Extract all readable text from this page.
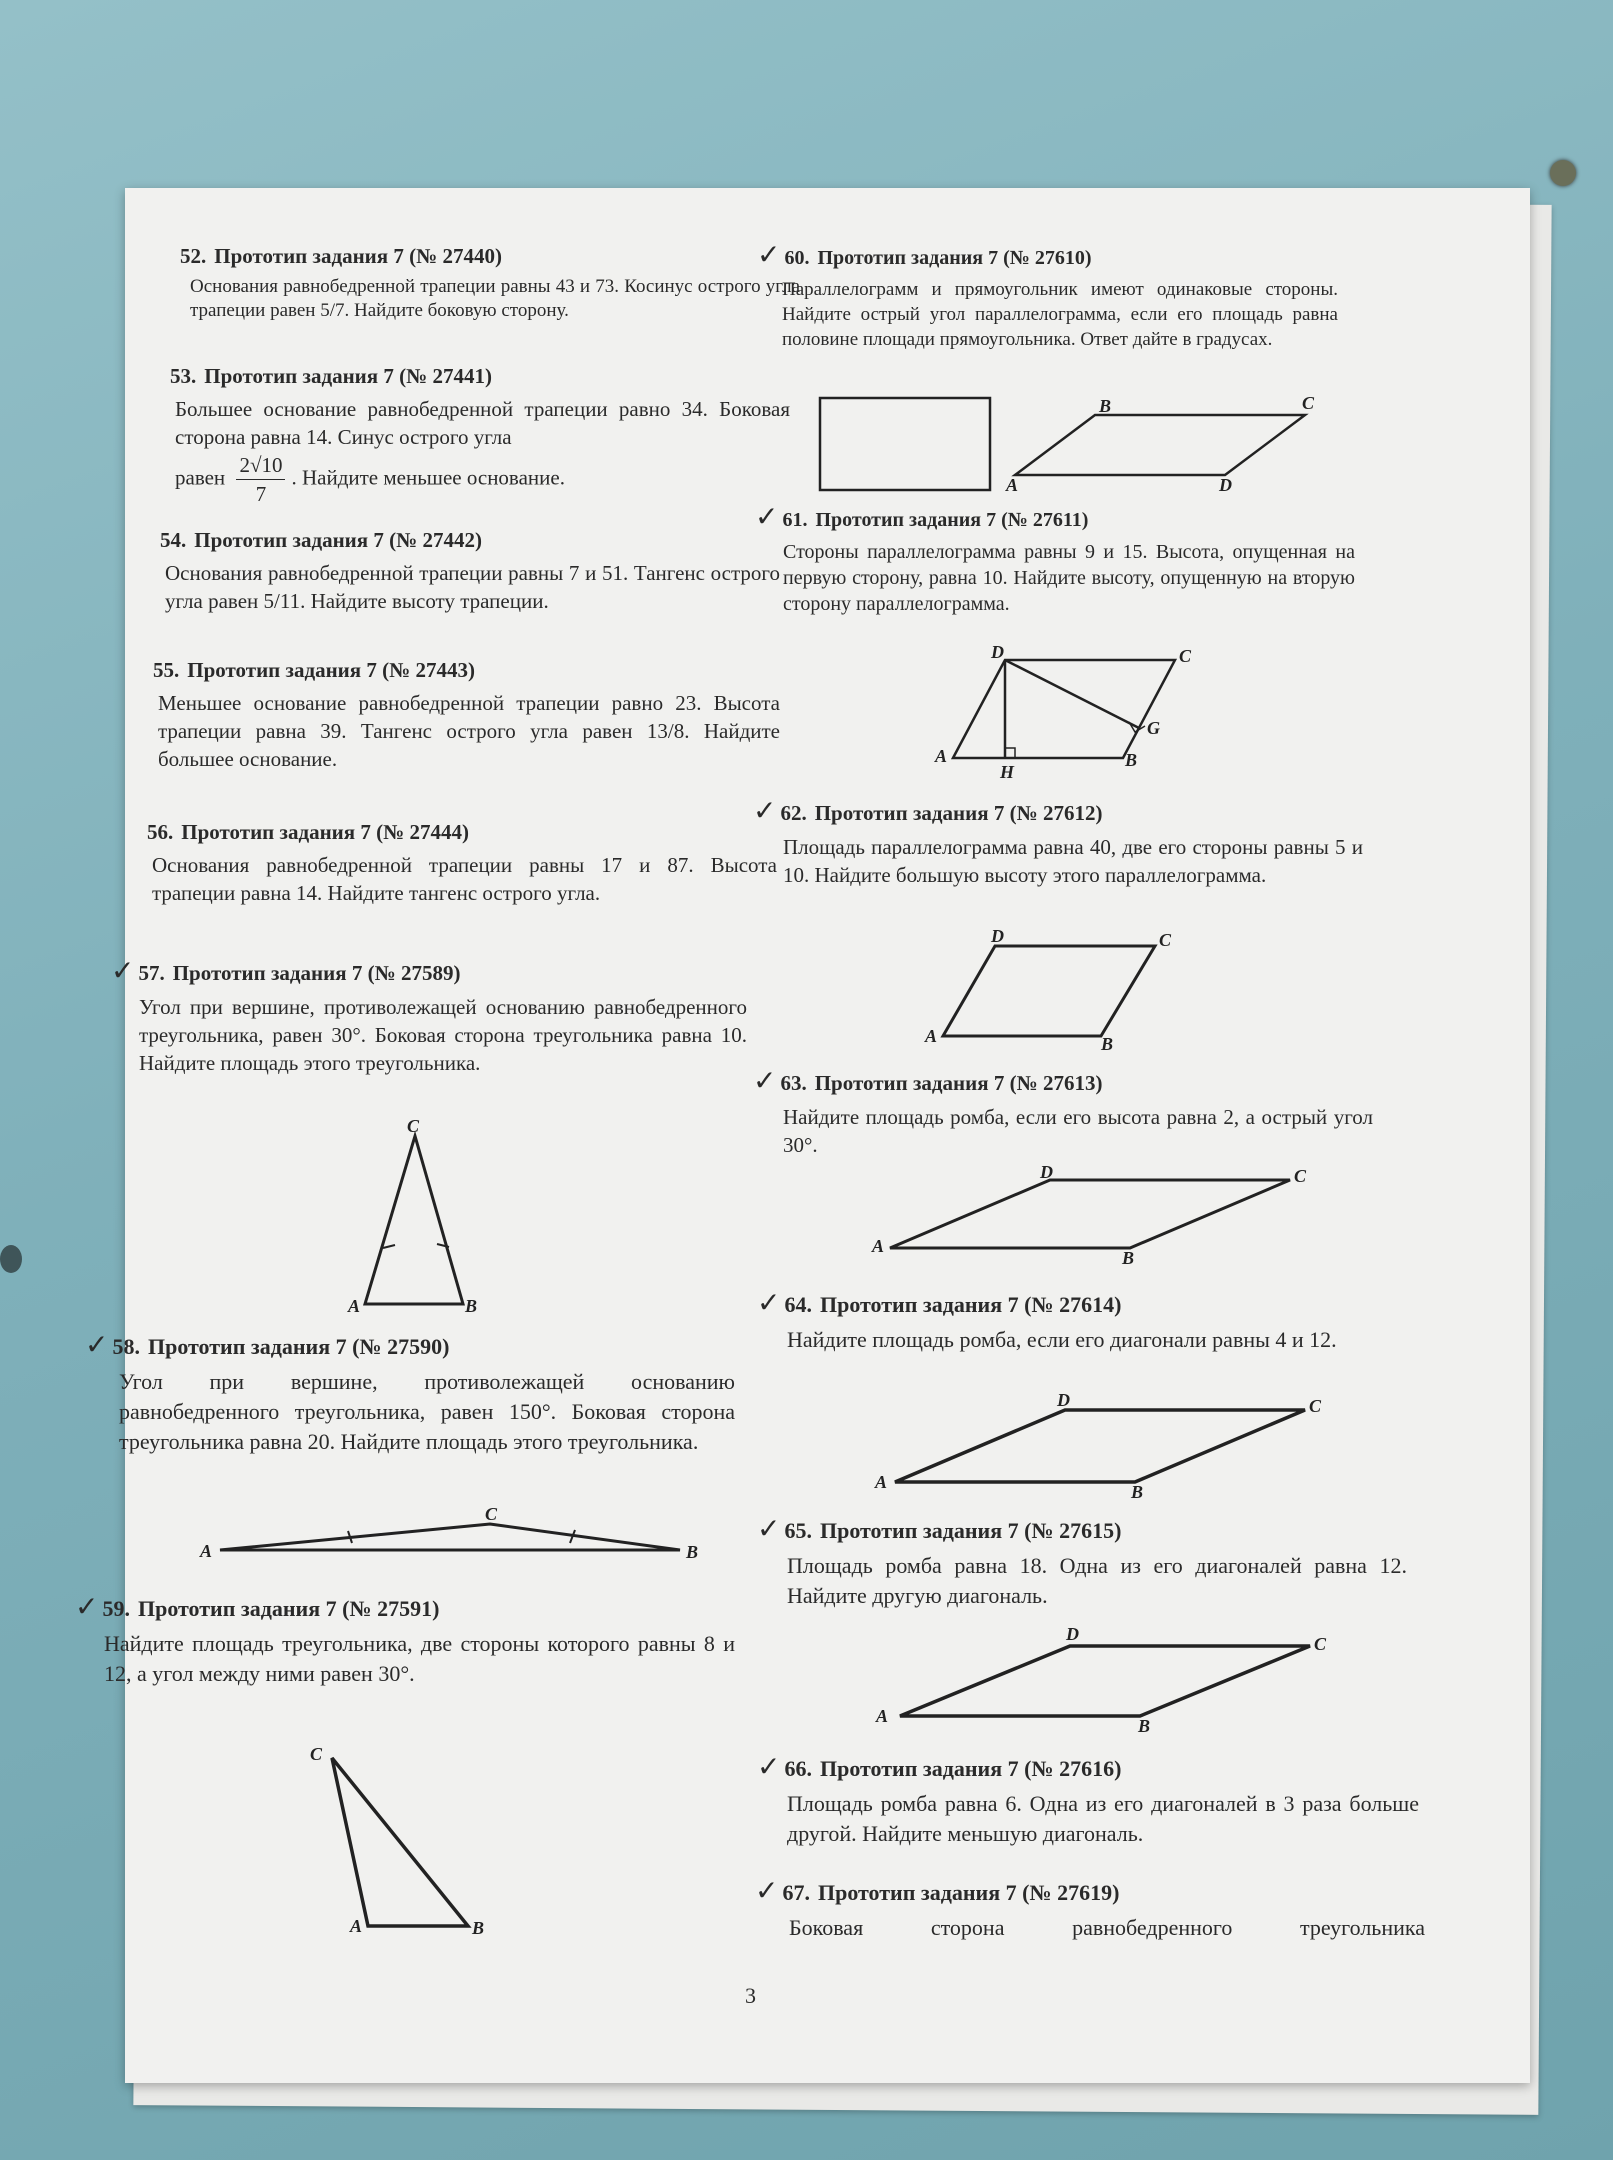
52. Прототип задания 7 (№ 27440)
Основания равнобедренной трапеции равны 43 и 73. Косинус острого угла трапеции равен 5/7. Найдите боковую сторону.
53. Прототип задания 7 (№ 27441)
Большее основание равнобедренной трапеции равно 34. Боковая сторона равна 14. Синус острого угла
равен $\frac{2√10}{7}$ . Найдите меньшее основание.
54. Прототип задания 7 (№ 27442)
Основания равнобедренной трапеции равны 7 и 51. Тангенс острого угла равен 5/11. Найдите высоту трапеции.
55. Прототип задания 7 (№ 27443)
Меньшее основание равнобедренной трапеции равно 23. Высота трапеции равна 39. Тангенс острого угла равен 13/8. Найдите большее основание.
56. Прототип задания 7 (№ 27444)
Основания равнобедренной трапеции равны 17 и 87. Высота трапеции равна 14. Найдите тангенс острого угла.
✓ 57. Прототип задания 7 (№ 27589)
Угол при вершине, противолежащей основанию равнобедренного треугольника, равен 30°. Боковая сторона треугольника равна 10. Найдите площадь этого треугольника.
C
A	B
✓ 58. Прототип задания 7 (№ 27590)
Угол при вершине, противолежащей основанию равнобедренного треугольника, равен 150°. Боковая сторона треугольника равна 20. Найдите площадь этого треугольника.
C
A	B
✓ 59. Прототип задания 7 (№ 27591)
Найдите площадь треугольника, две стороны которого равны 8 и 12, а угол между ними равен 30°.
C
A	B
✓ 60. Прототип задания 7 (№ 27610)
Параллелограмм и прямоугольник имеют одинаковые стороны. Найдите острый угол параллелограмма, если его площадь равна половине площади прямоугольника. Ответ дайте в градусах.
B	C
A	D
✓ 61. Прототип задания 7 (№ 27611)
Стороны параллелограмма равны 9 и 15. Высота, опущенная на первую сторону, равна 10. Найдите высоту, опущенную на вторую сторону параллелограмма.
D	C
A	B
G
H
✓ 62. Прототип задания 7 (№ 27612)
Площадь параллелограмма равна 40, две его стороны равны 5 и 10. Найдите большую высоту этого параллелограмма.
D	C
A	B
✓ 63. Прототип задания 7 (№ 27613)
Найдите площадь ромба, если его высота равна 2, а острый угол 30°.
D	C
A
B
✓ 64. Прототип задания 7 (№ 27614)
Найдите площадь ромба, если его диагонали равны 4 и 12.
D	C
A	B
✓ 65. Прототип задания 7 (№ 27615)
Площадь ромба равна 18. Одна из его диагоналей равна 12. Найдите другую диагональ.
D	C
A	B
✓ 66. Прототип задания 7 (№ 27616)
Площадь ромба равна 6. Одна из его диагоналей в 3 раза больше другой. Найдите меньшую диагональ.
✓ 67. Прототип задания 7 (№ 27619)
Боковая сторона равнобедренного треугольника
3
